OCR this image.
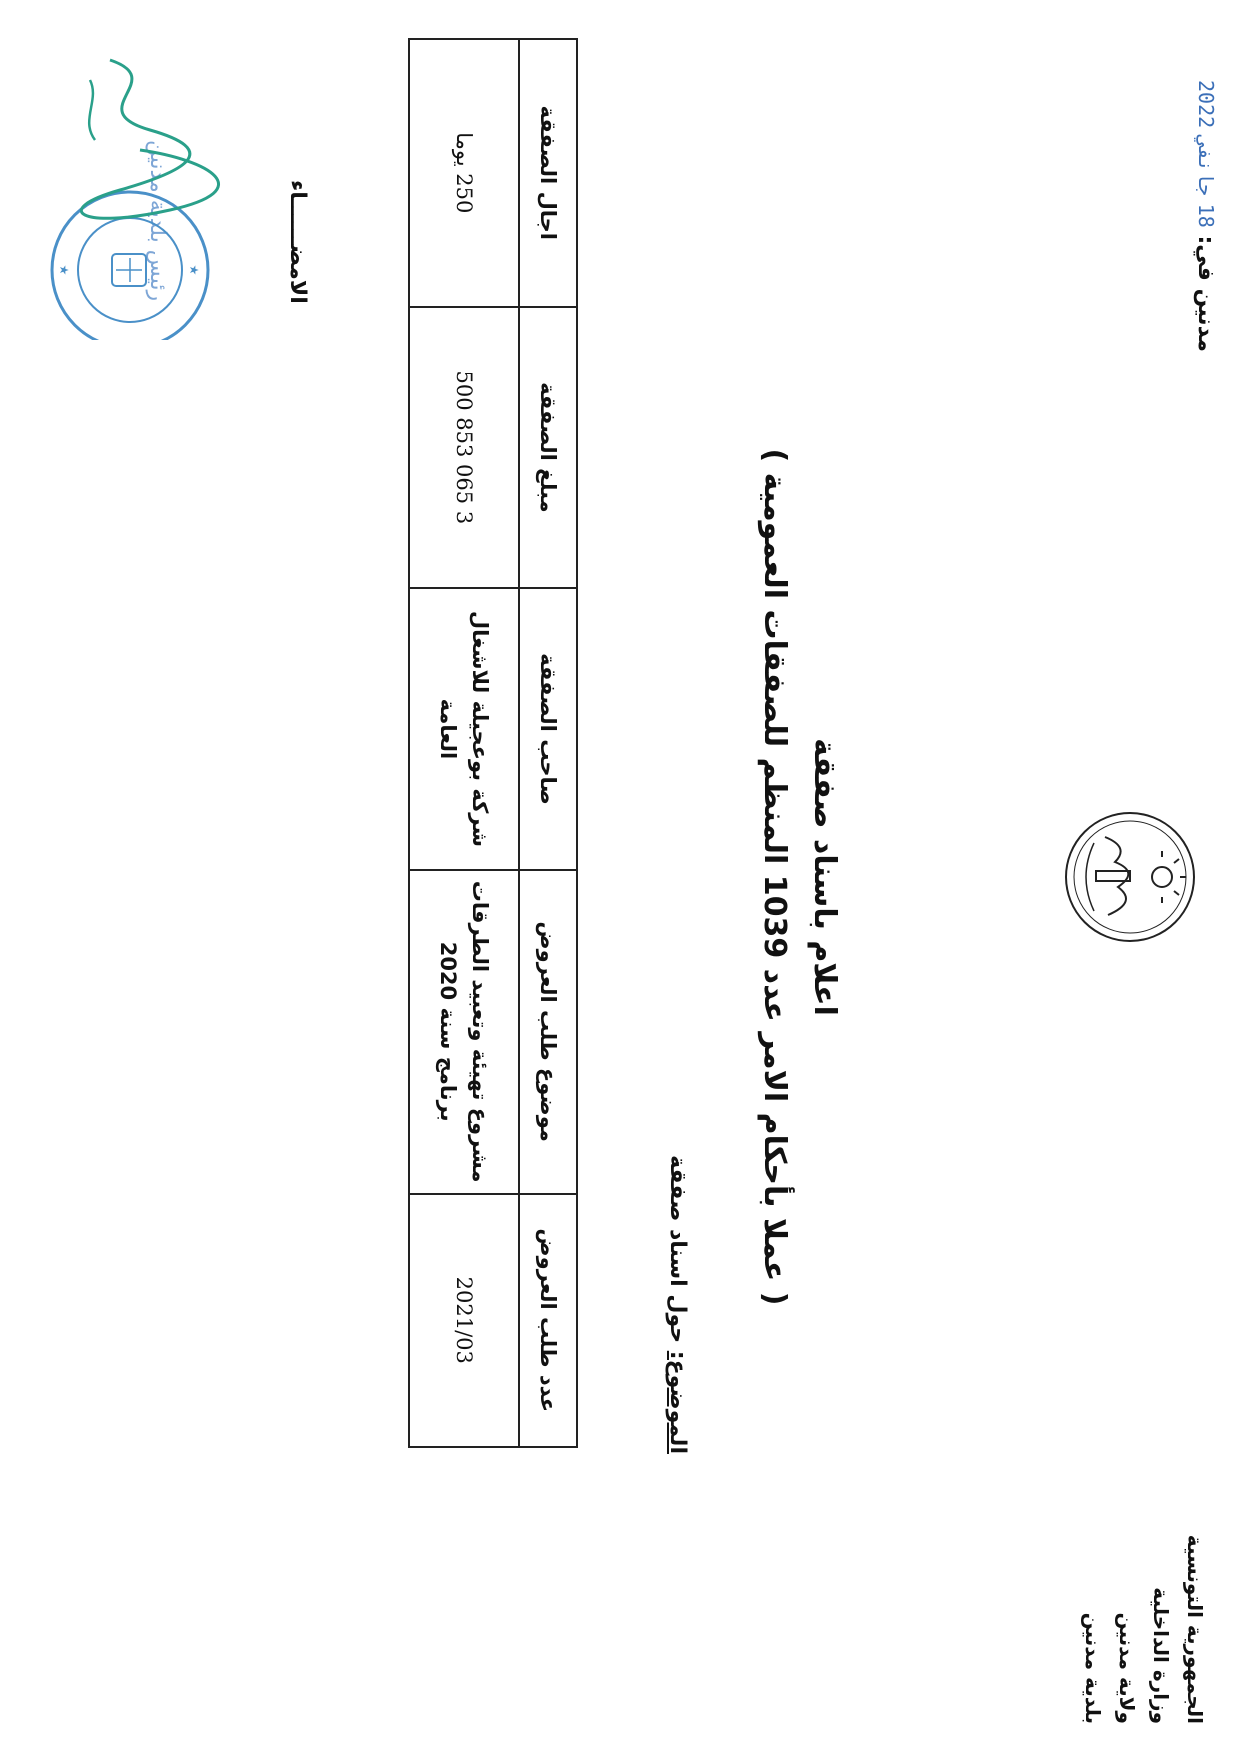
الجمهورية التونسية
وزارة الداخلية
ولاية مدنين
بلدية مدنين
مدنين في: 18 جانفي 2022
اعلام باسناد صفقة
( عملا بأحكام الامر عدد 1039 المنظم للصفقات العمومية )
الموضوع: حول اسناد صفقة
عدد طلب العروض	موضوع طلب العروض	صاحب الصفقة	مبلغ الصفقة	اجال الصفقة
2021/03	مشروع تهيئة وتعبيد الطرقات برنامج سنة 2020	شركة بوعجيلة للاشغال العامة	3 065 853 500	250 يوما
الامضــــــاء
رئيس بلدية مدنين ★
★
